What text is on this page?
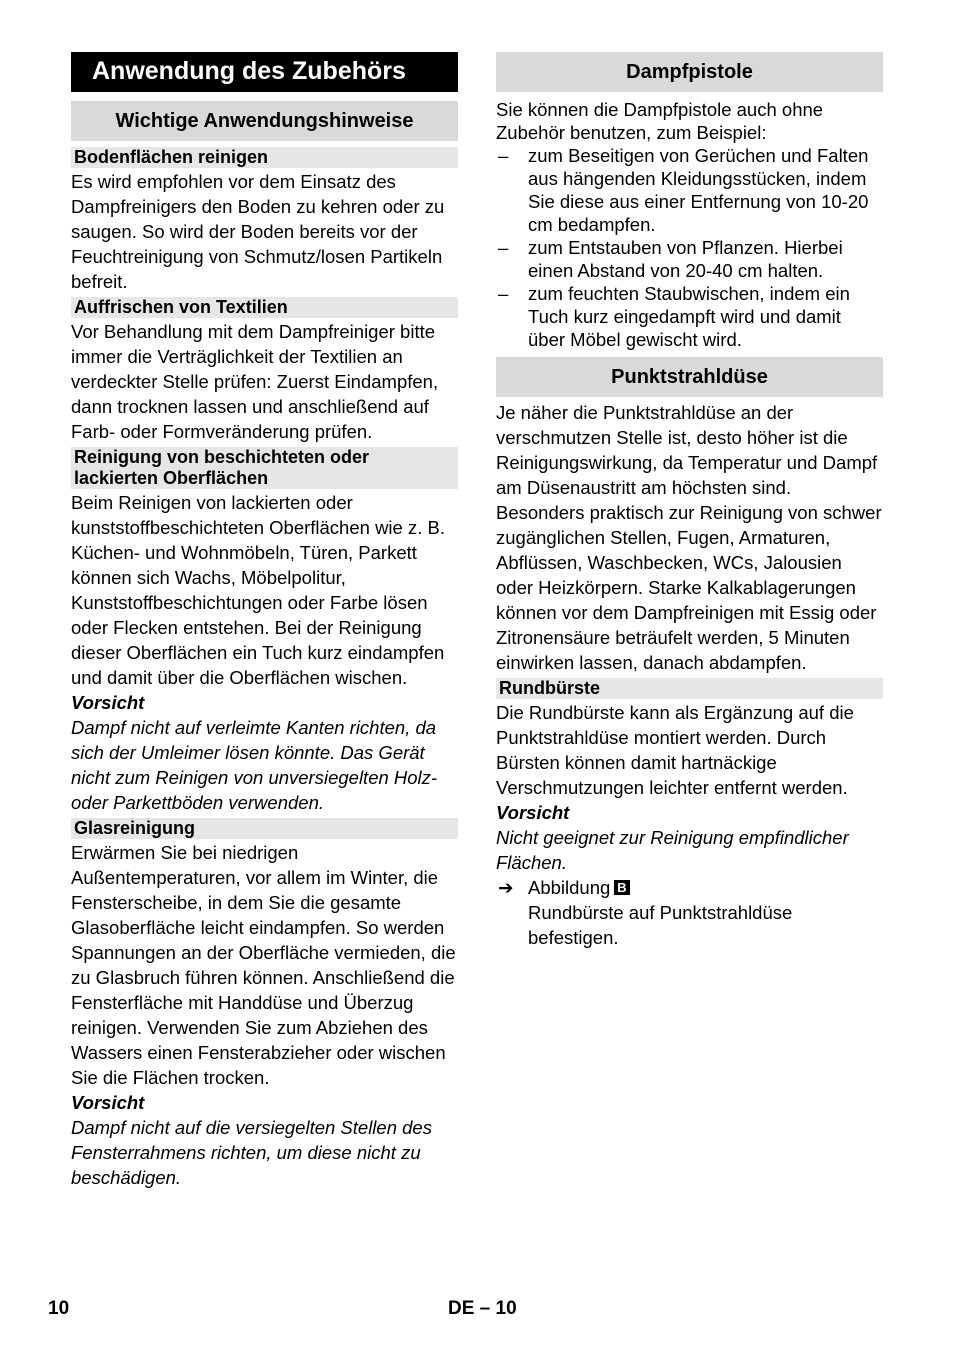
Anwendung des Zubehörs
Wichtige Anwendungshinweise
Bodenflächen reinigen

Es wird empfohlen vor dem Einsatz des Dampfreinigers den Boden zu kehren oder zu saugen. So wird der Boden bereits vor der Feuchtreinigung von Schmutz/losen Partikeln befreit.

Auffrischen von Textilien

Vor Behandlung mit dem Dampfreiniger bitte immer die Verträglichkeit der Textilien an verdeckter Stelle prüfen: Zuerst Eindampfen, dann trocknen lassen und anschließend auf Farb- oder Formveränderung prüfen.

Reinigung von beschichteten oder lackierten Oberflächen

Beim Reinigen von lackierten oder kunststoffbeschichteten Oberflächen wie z. B. Küchen- und Wohnmöbeln, Türen, Parkett können sich Wachs, Möbelpolitur, Kunststoffbeschichtungen oder Farbe lösen oder Flecken entstehen. Bei der Reinigung dieser Oberflächen ein Tuch kurz eindampfen und damit über die Oberflächen wischen.

Vorsicht

Dampf nicht auf verleimte Kanten richten, da sich der Umleimer lösen könnte. Das Gerät nicht zum Reinigen von unversiegelten Holz- oder Parkettböden verwenden.

Glasreinigung

Erwärmen Sie bei niedrigen Außentemperaturen, vor allem im Winter, die Fensterscheibe, in dem Sie die gesamte Glasoberfläche leicht eindampfen. So werden Spannungen an der Oberfläche vermieden, die zu Glasbruch führen können. Anschließend die Fensterfläche mit Handdüse und Überzug reinigen. Verwenden Sie zum Abziehen des Wassers einen Fensterabzieher oder wischen Sie die Flächen trocken.

Vorsicht

Dampf nicht auf die versiegelten Stellen des Fensterrahmens richten, um diese nicht zu beschädigen.

Dampfpistole

Sie können die Dampfpistole auch ohne Zubehör benutzen, zum Beispiel:

– zum Beseitigen von Gerüchen und Falten aus hängenden Kleidungsstücken, indem Sie diese aus einer Entfernung von 10-20 cm bedampfen.
– zum Entstauben von Pflanzen. Hierbei einen Abstand von 20-40 cm halten.
– zum feuchten Staubwischen, indem ein Tuch kurz eingedampft wird und damit über Möbel gewischt wird.
Punktstrahldüse

Je näher die Punktstrahldüse an der verschmutzen Stelle ist, desto höher ist die Reinigungswirkung, da Temperatur und Dampf am Düsenaustritt am höchsten sind. Besonders praktisch zur Reinigung von schwer zugänglichen Stellen, Fugen, Armaturen, Abflüssen, Waschbecken, WCs, Jalousien oder Heizkörpern. Starke Kalkablagerungen können vor dem Dampfreinigen mit Essig oder Zitronensäure beträufelt werden, 5 Minuten einwirken lassen, danach abdampfen.

Rundbürste

Die Rundbürste kann als Ergänzung auf die Punktstrahldüse montiert werden. Durch Bürsten können damit hartnäckige Verschmutzungen leichter entfernt werden.

Vorsicht

Nicht geeignet zur Reinigung empfindlicher Flächen.

➔ Abbildung B
Rundbürste auf Punktstrahldüse befestigen.
10	DE – 10
